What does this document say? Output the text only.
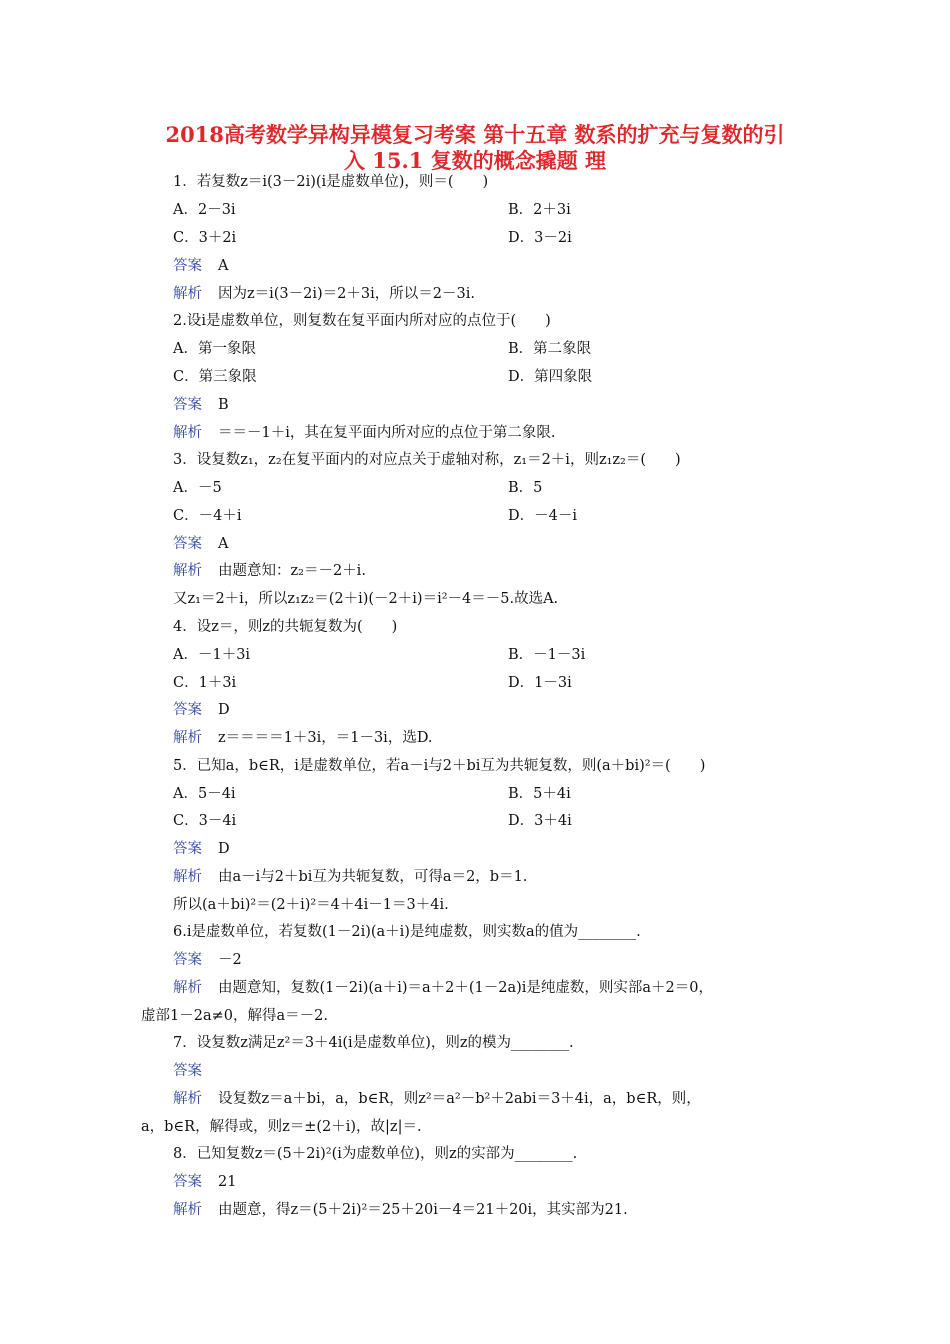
2018高考数学异构异模复习考案 第十五章 数系的扩充与复数的引
入 15.1 复数的概念撬题 理
1．若复数z＝i(3－2i)(i是虚数单位)，则＝(　　)
A．2－3i	B．2＋3i
C．3＋2i	D．3－2i
答案 A
解析 因为z＝i(3－2i)＝2＋3i，所以＝2－3i.
2.设i是虚数单位，则复数在复平面内所对应的点位于(　　)
A．第一象限	B．第二象限
C．第三象限	D．第四象限
答案 B
解析 ＝＝－1＋i，其在复平面内所对应的点位于第二象限.
3．设复数z₁，z₂在复平面内的对应点关于虚轴对称，z₁＝2＋i，则z₁z₂＝(　　)
A．－5	B．5
C．－4＋i	D．－4－i
答案 A
解析 由题意知：z₂＝－2＋i.
又z₁＝2＋i，所以z₁z₂＝(2＋i)(－2＋i)＝i²－4＝－5.故选A.
4．设z＝，则z的共轭复数为(　　)
A．－1＋3i	B．－1－3i
C．1＋3i	D．1－3i
答案 D
解析 z＝＝＝＝1＋3i，＝1－3i，选D.
5．已知a，b∈R，i是虚数单位，若a－i与2＋bi互为共轭复数，则(a＋bi)²＝(　　)
A．5－4i	B．5＋4i
C．3－4i	D．3＋4i
答案 D
解析 由a－i与2＋bi互为共轭复数，可得a＝2，b＝1.
所以(a＋bi)²＝(2＋i)²＝4＋4i－1＝3＋4i.
6.i是虚数单位，若复数(1－2i)(a＋i)是纯虚数，则实数a的值为________.
答案 －2
解析 由题意知，复数(1－2i)(a＋i)＝a＋2＋(1－2a)i是纯虚数，则实部a＋2＝0，
虚部1－2a≠0，解得a＝－2.
7．设复数z满足z²＝3＋4i(i是虚数单位)，则z的模为________.
答案
解析 设复数z＝a＋bi，a，b∈R，则z²＝a²－b²＋2abi＝3＋4i，a，b∈R，则，
a，b∈R，解得或，则z＝±(2＋i)，故|z|＝.
8．已知复数z＝(5＋2i)²(i为虚数单位)，则z的实部为________.
答案 21
解析 由题意，得z＝(5＋2i)²＝25＋20i－4＝21＋20i，其实部为21.
